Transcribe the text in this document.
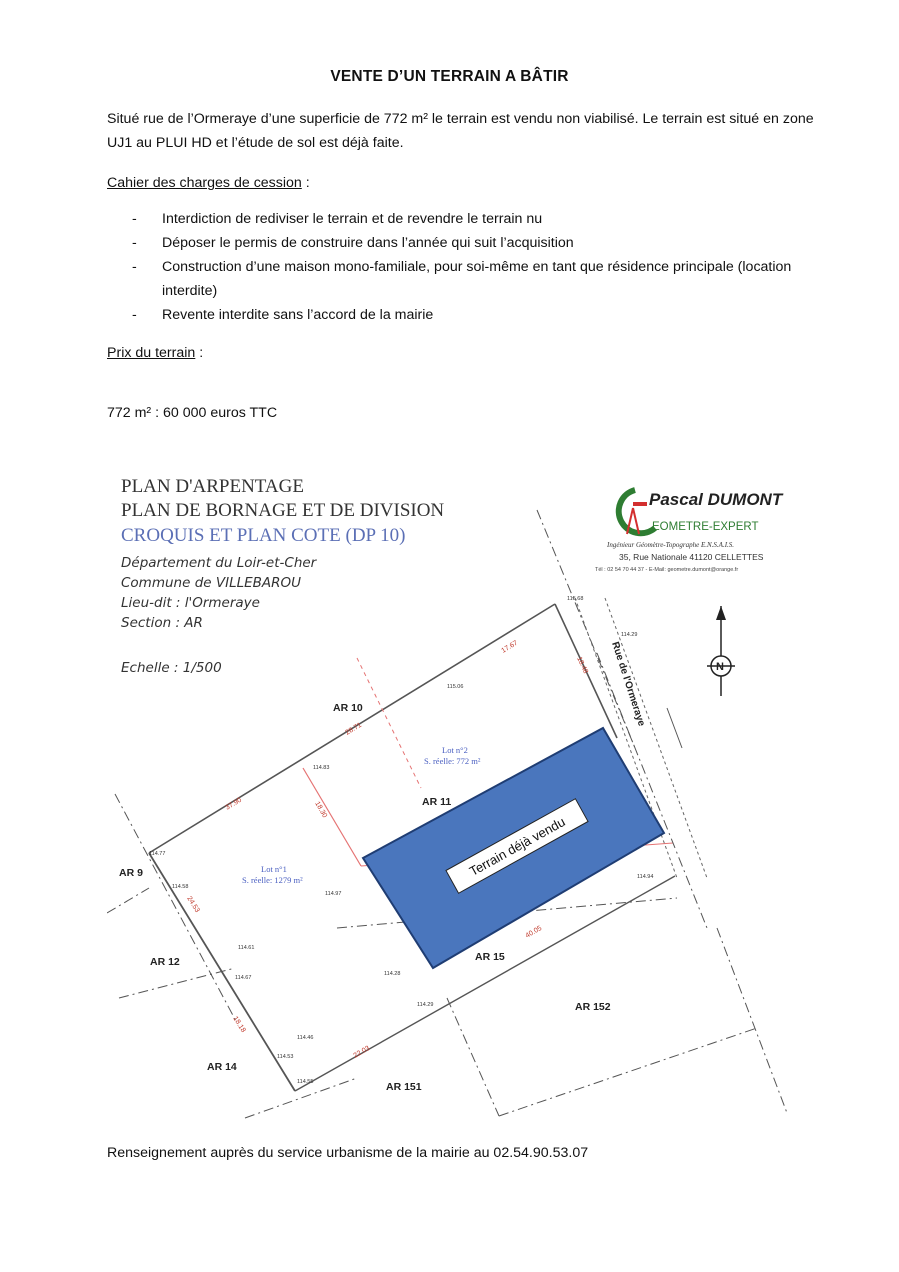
VENTE D’UN TERRAIN A BÂTIR
Situé rue de l’Ormeraye d’une superficie de 772 m² le terrain est vendu non viabilisé. Le terrain est situé en zone UJ1 au PLUI HD et l’étude de sol est déjà faite.
Cahier des charges de cession :
- Interdiction de rediviser le terrain et de revendre le terrain nu
- Déposer le permis de construire dans l’année qui suit l’acquisition
- Construction d’une maison mono-familiale, pour soi-même en tant que résidence principale (location interdite)
- Revente interdite sans l’accord de la mairie
Prix du terrain :
772 m² : 60 000 euros TTC
PLAN D'ARPENTAGE
PLAN DE BORNAGE ET DE DIVISION
CROQUIS ET PLAN COTE (DP 10)
Département du Loir-et-Cher
Commune de VILLEBAROU
Lieu-dit : l'Ormeraye
Section : AR
Echelle : 1/500
Pascal DUMONT
EOMETRE-EXPERT
Ingénieur Géomètre-Topographe E.N.S.A.I.S.
35, Rue Nationale 41120 CELLETTES
Tél : 02 54 70 44 37 - E-Mail: geometre.dumont@orange.fr
N
Rue de l'Ormeraye
Terrain déjà vendu
AR 10
AR 11
AR 9
AR 12
AR 14
AR 15
AR 152
AR 151
Lot n°1
S. réelle: 1279 m²
Lot n°2
S. réelle: 772 m²
37.90
28.71
17.67
18.48
24.53
40.05
22.03
18.30
18.18
114.77
114.58
114.67
114.61
114.28
114.29
114.53
114.46
114.55
114.83
114.94
114.97
115.68
115.06
114.29
Renseignement auprès du service urbanisme de la mairie au 02.54.90.53.07
